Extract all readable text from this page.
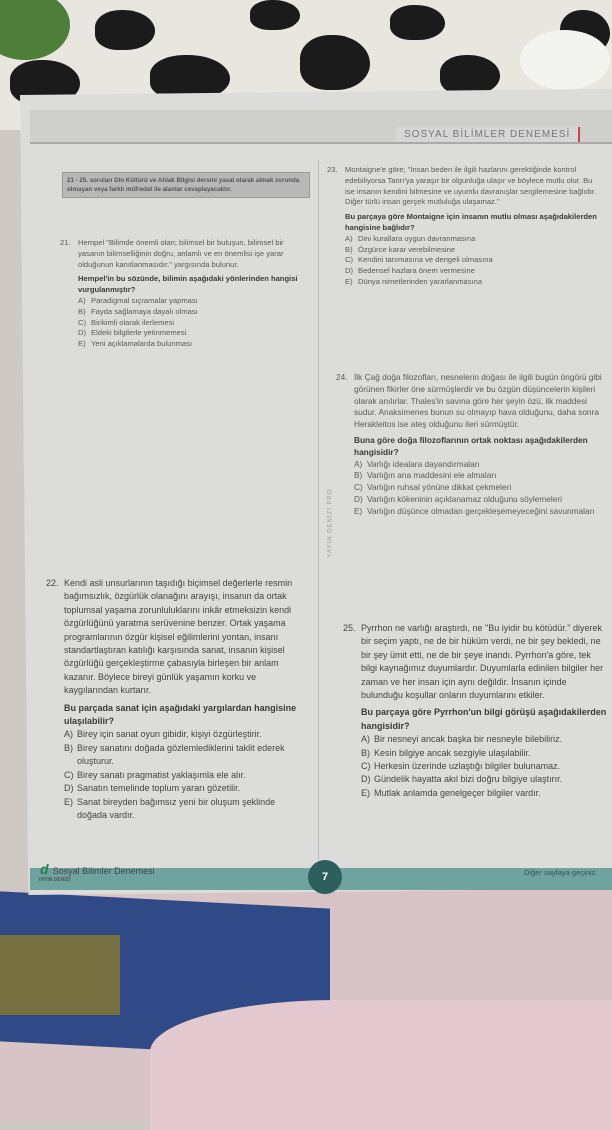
SOSYAL BİLİMLER DENEMESİ
21 - 25. soruları Din Kültürü ve Ahlak Bilgisi dersini yasal olarak almak zorunda olmayan veya farklı müfredat ile alanlar cevaplayacaktır.
YAYIN DENİZİ PRO
21. Hempel "Bilimde önemli olan; bilimsel bir buluşun, bilimsel bir yasanın bilimselliğinin doğru, anlamlı ve en önemlisi işe yarar olduğunun kanıtlanmasıdır." yargısında bulunur.
Hempel'in bu sözünde, bilimin aşağıdaki yönlerinden hangisi vurgulanmıştır?
A) Paradigmal sıçramalar yapması
B) Fayda sağlamaya dayalı olması
C) Birikimli olarak ilerlemesi
D) Eldeki bilgilerle yetinmemesi
E) Yeni açıklamalarda bulunması
22. Kendi asli unsurlarının taşıdığı biçimsel değerlerle resmin bağımsızlık, özgürlük olanağını arayışı, insanın da ortak toplumsal yaşama zorunluluklarını inkâr etmeksizin kendi özgürlüğünü yaratma serüvenine benzer. Ortak yaşama programlarının özgür kişisel eğilimlerini yontan, insanı standartlaştıran katılığı karşısında sanat, insanın kişisel özgürlüğü gerçekleştirme çabasıyla birleşen bir anlam kazanır. Böylece bireyi günlük yaşamın korku ve kaygılarından kurtarır.
Bu parçada sanat için aşağıdaki yargılardan hangisine ulaşılabilir?
A) Birey için sanat oyun gibidir, kişiyi özgürleştirir.
B) Birey sanatını doğada gözlemlediklerini taklit ederek oluşturur.
C) Birey sanatı pragmatist yaklaşımla ele alır.
D) Sanatın temelinde toplum yararı gözetilir.
E) Sanat bireyden bağımsız yeni bir oluşum şeklinde doğada vardır.
23. Montaigne'e göre; "İnsan beden ile ilgili hazlarını gerektiğinde kontrol edebiliyorsa Tanrı'ya yaraşır bir olgunluğa ulaşır ve böylece mutlu olur. Bu ise insanın kendini bilmesine ve uyumlu davranışlar sergilemesine bağlıdır. Diğer türlü insan gerçek mutluluğa ulaşamaz."
Bu parçaya göre Montaigne için insanın mutlu olması aşağıdakilerden hangisine bağlıdır?
A) Dini kurallara uygun davranmasına
B) Özgürce karar verebilmesine
C) Kendini tanımasına ve dengeli olmasına
D) Bedensel hazlara önem vermesine
E) Dünya nimetlerinden yararlanmasına
24. İlk Çağ doğa filozofları, nesnelerin doğası ile ilgili bugün öngörü gibi görünen fikirler öne sürmüşlerdir ve bu özgün düşüncelerin kişileri olarak anılırlar. Thales'in savına göre her şeyin özü, ilk maddesi sudur. Anaksimenes bunun su olmayıp hava olduğunu, daha sonra Herakleitos ise ateş olduğunu ileri sürmüştür.
Buna göre doğa filozoflarının ortak noktası aşağıdakilerden hangisidir?
A) Varlığı idealara dayandırmaları
B) Varlığın ana maddesini ele almaları
C) Varlığın ruhsal yönüne dikkat çekmeleri
D) Varlığın kökeninin açıklanamaz olduğunu söylemeleri
E) Varlığın düşünce olmadan gerçekleşemeyeceğini savunmaları
25. Pyrrhon ne varlığı araştırdı, ne "Bu iyidir bu kötüdür." diyerek bir seçim yaptı, ne de bir hüküm verdi, ne bir şey bekledi, ne bir şey ümit etti, ne de bir şeye inandı. Pyrrhon'a göre, tek bilgi kaynağımız duyumlardır. Duyumlarla edinilen bilgiler her zaman ve her insan için aynı değildir. İnsanın içinde bulunduğu koşullar onların duyumlarını etkiler.
Bu parçaya göre Pyrrhon'un bilgi görüşü aşağıdakilerden hangisidir?
A) Bir nesneyi ancak başka bir nesneyle bilebiliriz.
B) Kesin bilgiye ancak sezgiyle ulaşılabilir.
C) Herkesin üzerinde uzlaştığı bilgiler bulunamaz.
D) Gündelik hayatta akıl bizi doğru bilgiye ulaştırır.
E) Mutlak anlamda genelgeçer bilgiler vardır.
d Sosyal Bilimler Denemesi
YAYIN DENİZİ	7	Diğer sayfaya geçiniz.
